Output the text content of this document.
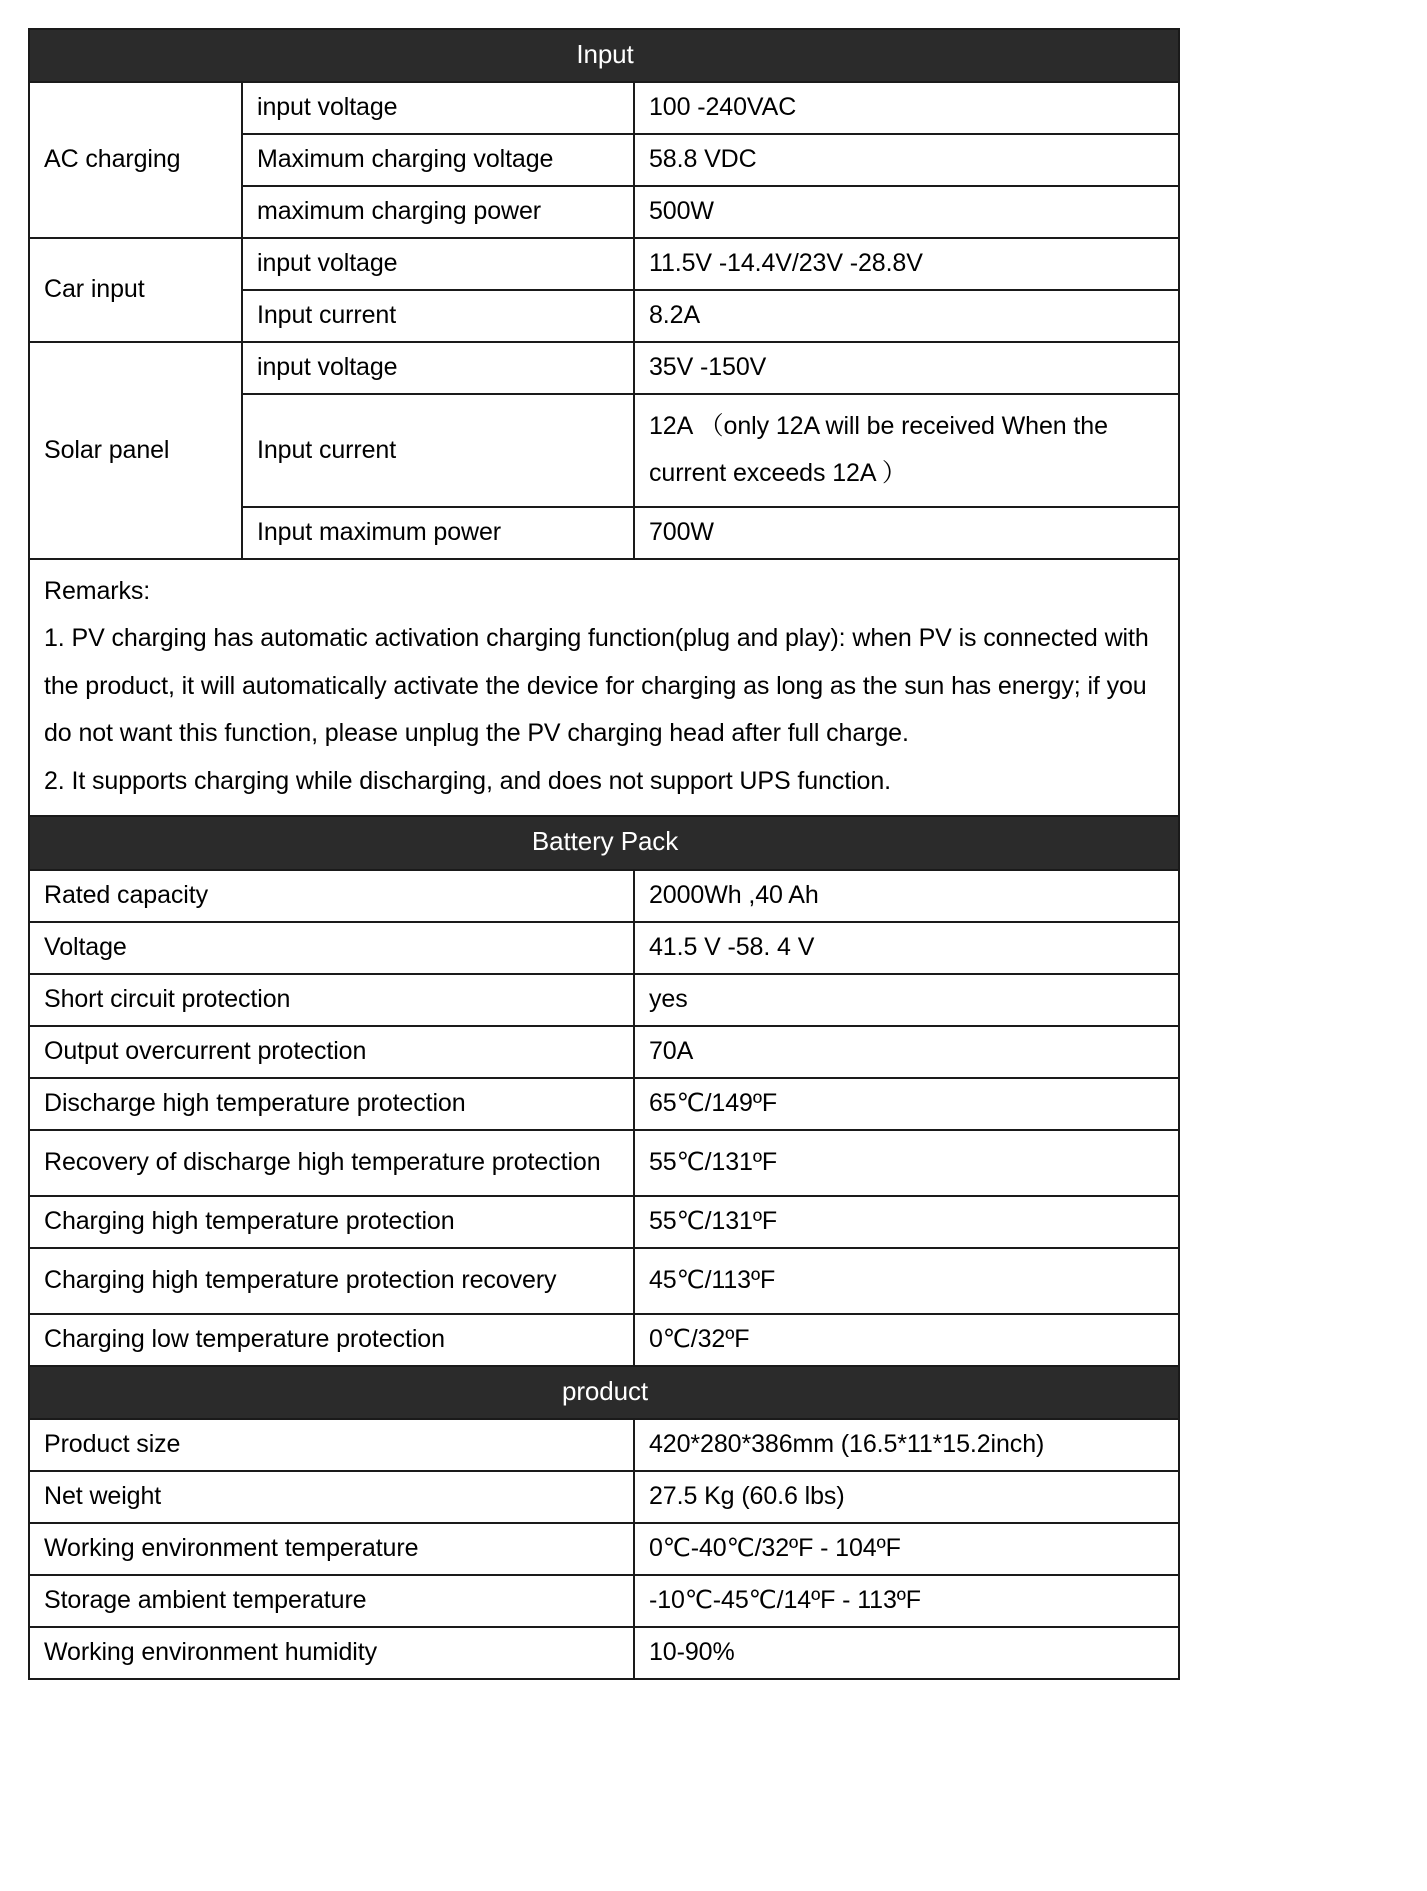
Input		
AC charging	input voltage	100 -240VAC
	Maximum charging voltage	58.8 VDC
	maximum charging power	500W
Car input	input voltage	11.5V -14.4V/23V -28.8V
	Input current	8.2A
Solar panel	input voltage	35V -150V
	Input current	12A （only 12A will be received When the current exceeds 12A ）
	Input maximum power	700W

Remarks:
1. PV charging has automatic activation charging function(plug and play): when PV is connected with the product, it will automatically activate the device for charging as long as the sun has energy; if you do not want this function, please unplug the PV charging head after full charge.
2. It supports charging while discharging, and does not support UPS function.		

Battery Pack		
Rated capacity		2000Wh ,40 Ah
Voltage		41.5 V -58. 4 V
Short circuit protection		yes
Output overcurrent protection		70A
Discharge high temperature protection		65℃/149ºF
Recovery of discharge high temperature protection		55℃/131ºF
Charging high temperature protection		55℃/131ºF
Charging high temperature protection recovery		45℃/113ºF
Charging low temperature protection		0℃/32ºF
product		
Product size		420*280*386mm (16.5*11*15.2inch)
Net weight		27.5 Kg (60.6 lbs)
Working environment temperature		0℃-40℃/32ºF - 104ºF
Storage ambient temperature		-10℃-45℃/14ºF - 113ºF
Working environment humidity		10-90%
